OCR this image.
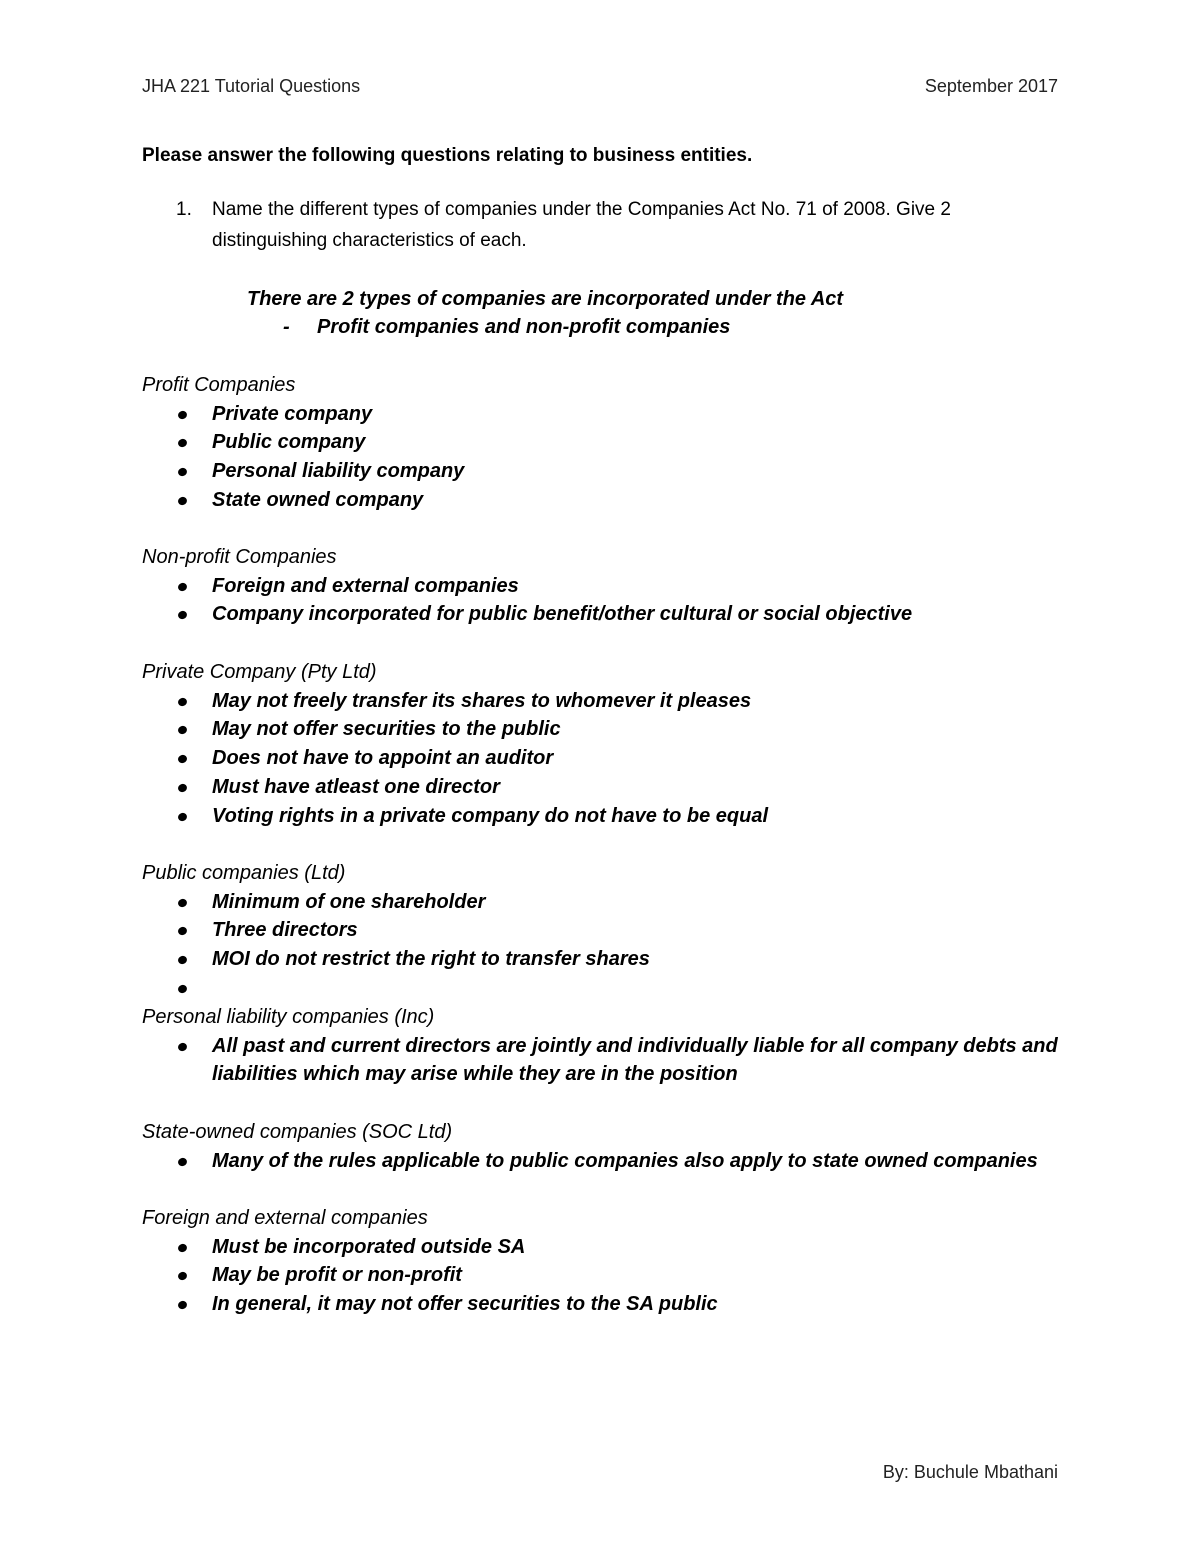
JHA 221 Tutorial Questions	September 2017
Please answer the following questions relating to business entities.
1. Name the different types of companies under the Companies Act No. 71 of 2008. Give 2 distinguishing characteristics of each.
There are 2 types of companies are incorporated under the Act
- Profit companies and non-profit companies
Profit Companies
Private company
Public company
Personal liability company
State owned company
Non-profit Companies
Foreign and external companies
Company incorporated for public benefit/other cultural or social objective
Private Company (Pty Ltd)
May not freely transfer its shares to whomever it pleases
May not offer securities to the public
Does not have to appoint an auditor
Must have atleast one director
Voting rights in a private company do not have to be equal
Public companies (Ltd)
Minimum of one shareholder
Three directors
MOI do not restrict the right to transfer shares
Personal liability companies (Inc)
All past and current directors are jointly and individually liable for all company debts and liabilities which may arise while they are in the position
State-owned companies (SOC Ltd)
Many of the rules applicable to public companies also apply to state owned companies
Foreign and external companies
Must be incorporated outside SA
May be profit or non-profit
In general, it may not offer securities to the SA public
By: Buchule Mbathani
